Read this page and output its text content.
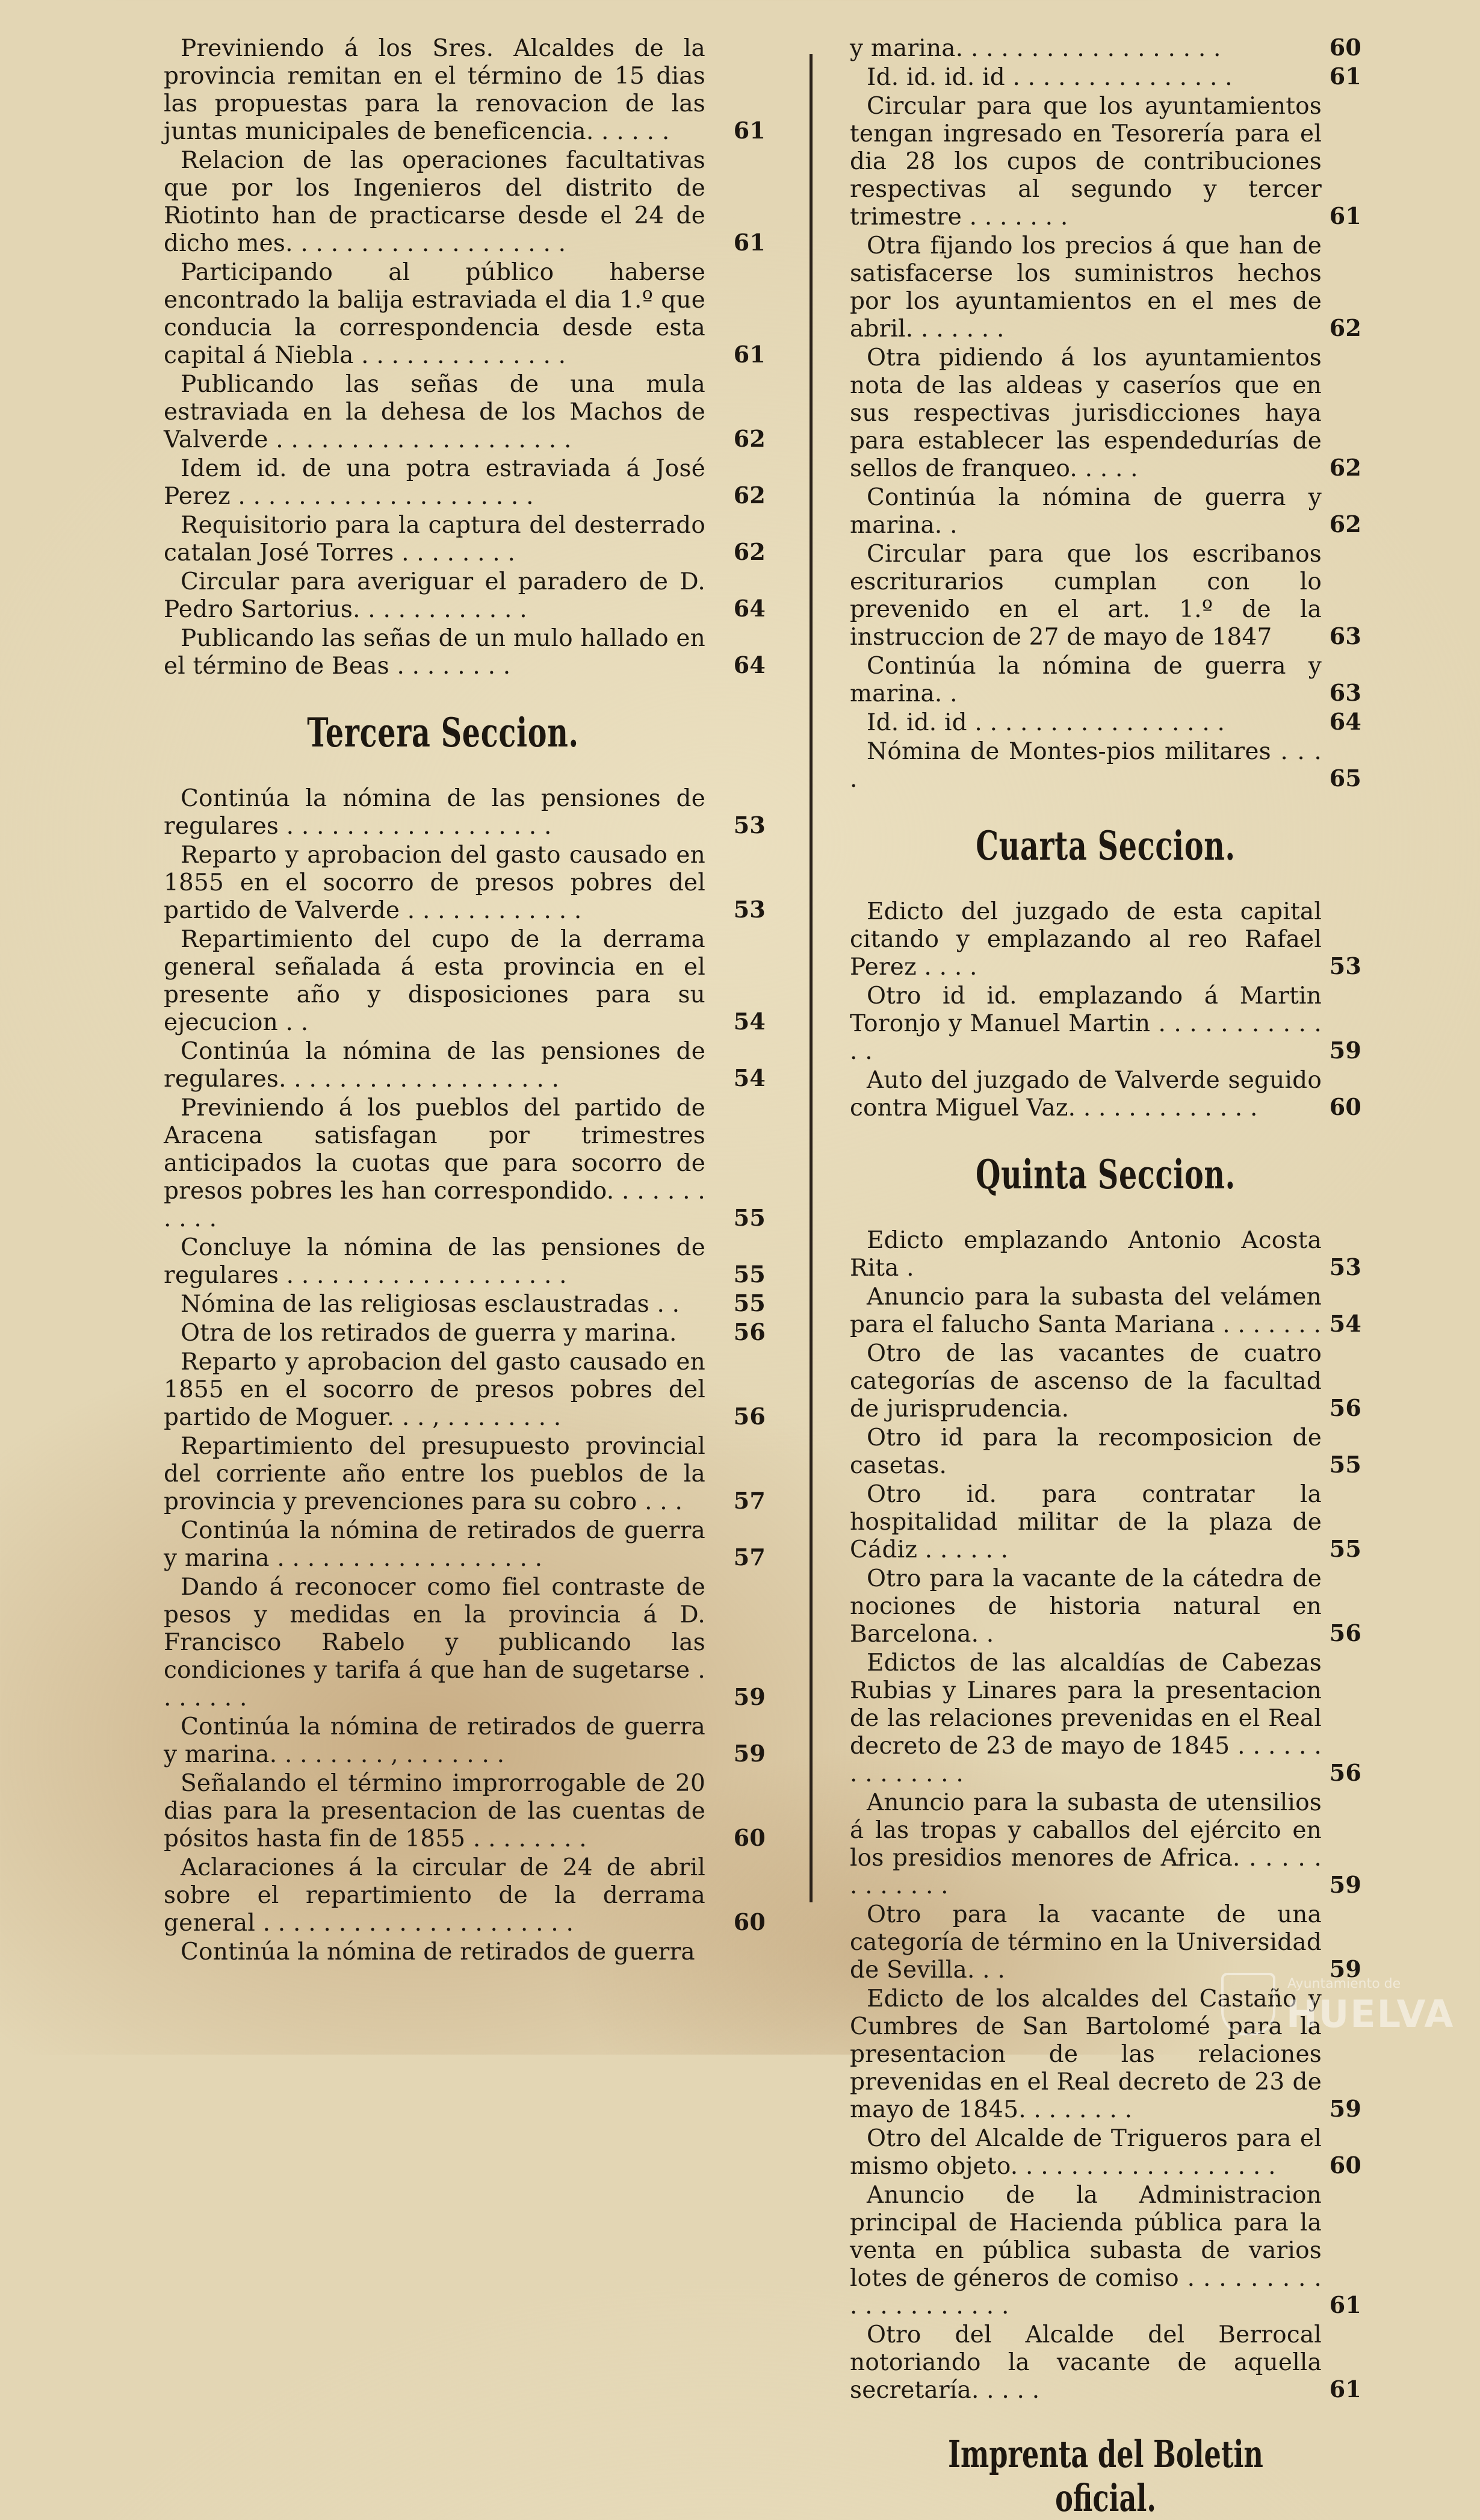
Previniendo á los Sres. Alcaldes de la provincia remitan en el término de 15 dias las propuestas para la renovacion de las juntas municipales de beneficencia. . . . . .	61

Relacion de las operaciones facultativas que por los Ingenieros del distrito de Riotinto han de practicarse desde el 24 de dicho mes. . . . . . . . . . . . . . . . . . .	61

Participando al público haberse encontrado la balija estraviada el dia 1.º que conducia la correspondencia desde esta capital á Niebla . . . . . . . . . . . . . .	61

Publicando las señas de una mula estraviada en la dehesa de los Machos de Valverde . . . . . . . . . . . . . . . . . . . .	62

Idem id. de una potra estraviada á José Perez . . . . . . . . . . . . . . . . . . . .	62

Requisitorio para la captura del desterrado catalan José Torres . . . . . . . .	62

Circular para averiguar el paradero de D. Pedro Sartorius. . . . . . . . . . . .	64

Publicando las señas de un mulo hallado en el término de Beas . . . . . . . .	64

Tercera Seccion.

Continúa la nómina de las pensiones de regulares . . . . . . . . . . . . . . . . . .	53

Reparto y aprobacion del gasto causado en 1855 en el socorro de presos pobres del partido de Valverde . . . . . . . . . . . .	53

Repartimiento del cupo de la derrama general señalada á esta provincia en el presente año y disposiciones para su ejecucion . .	54

Continúa la nómina de las pensiones de regulares. . . . . . . . . . . . . . . . . . .	54

Previniendo á los pueblos del partido de Aracena satisfagan por trimestres anticipados la cuotas que para socorro de presos pobres les han correspondido. . . . . . . . . . .	55

Concluye la nómina de las pensiones de regulares . . . . . . . . . . . . . . . . . . .	55

Nómina de las religiosas esclaustradas . . 55

Otra de los retirados de guerra y marina. 56

Reparto y aprobacion del gasto causado en 1855 en el socorro de presos pobres del partido de Moguer. . . , . . . . . . . .	56

Repartimiento del presupuesto provincial del corriente año entre los pueblos de la provincia y prevenciones para su cobro . . . 57

Continúa la nómina de retirados de guerra y marina . . . . . . . . . . . . . . . . . .	57

Dando á reconocer como fiel contraste de pesos y medidas en la provincia á D. Francisco Rabelo y publicando las condiciones y tarifa á que han de sugetarse . . . . . . .	59

Continúa la nómina de retirados de guerra y marina. . . . . . . . , . . . . . . .	59

Señalando el término improrrogable de 20 dias para la presentacion de las cuentas de pósitos hasta fin de 1855 . . . . . . . .	60

Aclaraciones á la circular de 24 de abril sobre el repartimiento de la derrama general . . . . . . . . . . . . . . . . . . . . .	60

Continúa la nómina de retirados de guerra

y marina. . . . . . . . . . . . . . . . . .	60

Id. id. id. id . . . . . . . . . . . . . . .	61

Circular para que los ayuntamientos tengan ingresado en Tesorería para el dia 28 los cupos de contribuciones respectivas al segundo y tercer trimestre . . . . . . .	61

Otra fijando los precios á que han de satisfacerse los suministros hechos por los ayuntamientos en el mes de abril. . . . . . .	62

Otra pidiendo á los ayuntamientos nota de las aldeas y caseríos que en sus respectivas jurisdicciones haya para establecer las espendedurías de sellos de franqueo. . . . .	62

Continúa la nómina de guerra y marina. .	62

Circular para que los escribanos escriturarios cumplan con lo prevenido en el art. 1.º de la instruccion de 27 de mayo de 1847	63

Continúa la nómina de guerra y marina. .	63

Id. id. id . . . . . . . . . . . . . . . . .	64

Nómina de Montes-pios militares . . . .	65

Cuarta Seccion.

Edicto del juzgado de esta capital citando y emplazando al reo Rafael Perez . . . .	53

Otro id id. emplazando á Martin Toronjo y Manuel Martin . . . . . . . . . . . . .	59

Auto del juzgado de Valverde seguido contra Miguel Vaz. . . . . . . . . . . . .	60

Quinta Seccion.

Edicto emplazando Antonio Acosta Rita .	53

Anuncio para la subasta del velámen para el falucho Santa Mariana . . . . . . . 54

Otro de las vacantes de cuatro categorías de ascenso de la facultad de jurisprudencia.	56

Otro id para la recomposicion de casetas.	55

Otro id. para contratar la hospitalidad militar de la plaza de Cádiz . . . . . .	55

Otro para la vacante de la cátedra de nociones de historia natural en Barcelona. .	56

Edictos de las alcaldías de Cabezas Rubias y Linares para la presentacion de las relaciones prevenidas en el Real decreto de 23 de mayo de 1845 . . . . . . . . . . . . . .	56

Anuncio para la subasta de utensilios á las tropas y caballos del ejército en los presidios menores de Africa. . . . . . . . . . . . .	59

Otro para la vacante de una categoría de término en la Universidad de Sevilla. . .	59

Edicto de los alcaldes del Castaño y Cumbres de San Bartolomé para la presentacion de las relaciones prevenidas en el Real decreto de 23 de mayo de 1845. . . . . . . .	59

Otro del Alcalde de Trigueros para el mismo objeto. . . . . . . . . . . . . . . . . . 60

Anuncio de la Administracion principal de Hacienda pública para la venta en pública subasta de varios lotes de géneros de comiso . . . . . . . . . . . . . . . . . . . .	61

Otro del Alcalde del Berrocal notoriando la vacante de aquella secretaría. . . . .	61

Imprenta del Boletin oficial.
Ayuntamiento de
HUELVA
